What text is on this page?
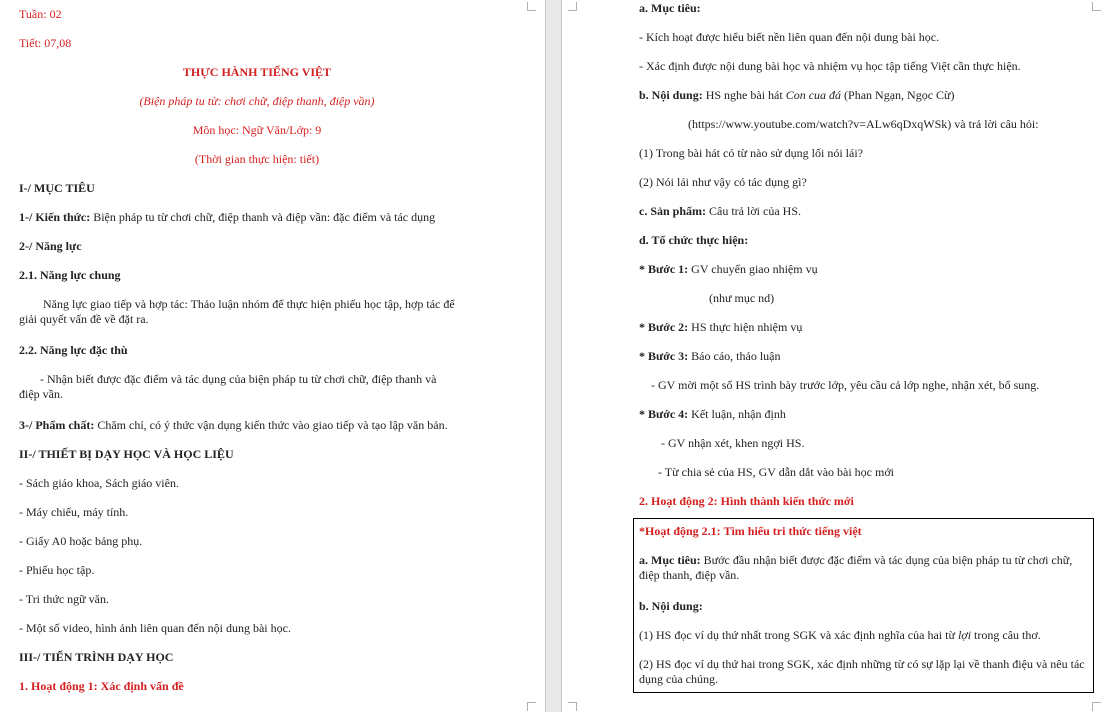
Tuần: 02
Tiết: 07,08
THỰC HÀNH TIẾNG VIỆT
(Biện pháp tu từ: chơi chữ, điệp thanh, điệp vần)
Môn học: Ngữ Văn/Lớp: 9
(Thời gian thực hiện: tiết)
I-/ MỤC TIÊU
1-/ Kiến thức: Biện pháp tu từ chơi chữ, điệp thanh và điệp vần: đặc điểm và tác dụng
2-/ Năng lực
2.1. Năng lực chung
Năng lực giao tiếp và hợp tác: Thảo luận nhóm để thực hiện phiếu học tập, hợp tác để giải quyết vấn đề về đặt ra.
2.2. Năng lực đặc thù
- Nhận biết được đặc điểm và tác dụng của biện pháp tu từ chơi chữ, điệp thanh và điệp vần.
3-/ Phẩm chất: Chăm chỉ, có ý thức vận dụng kiến thức vào giao tiếp và tạo lập văn bản.
II-/ THIẾT BỊ DẠY HỌC VÀ HỌC LIỆU
- Sách giáo khoa, Sách giáo viên.
- Máy chiếu, máy tính.
- Giấy A0 hoặc bảng phụ.
- Phiếu học tập.
- Tri thức ngữ văn.
- Một số video, hình ảnh liên quan đến nội dung bài học.
III-/ TIẾN TRÌNH DẠY HỌC
1. Hoạt động 1: Xác định vấn đề
a. Mục tiêu:
- Kích hoạt được hiểu biết nền liên quan đến nội dung bài học.
- Xác định được nội dung bài học và nhiệm vụ học tập tiếng Việt cần thực hiện.
b. Nội dung: HS nghe bài hát Con cua đá (Phan Ngạn, Ngọc Cừ)
(https://www.youtube.com/watch?v=ALw6qDxqWSk) và trả lời câu hỏi:
(1) Trong bài hát có từ nào sử dụng lối nói lái?
(2) Nói lái như vậy có tác dụng gì?
c. Sản phẩm: Câu trả lời của HS.
d. Tổ chức thực hiện:
* Bước 1: GV chuyển giao nhiệm vụ
(như mục nd)
* Bước 2: HS thực hiện nhiệm vụ
* Bước 3: Báo cáo, thảo luận
- GV mời một số HS trình bày trước lớp, yêu cầu cả lớp nghe, nhận xét, bổ sung.
* Bước 4: Kết luận, nhận định
- GV nhận xét, khen ngợi HS.
- Từ chia sẻ của HS, GV dẫn dắt vào bài học mới
2. Hoạt động 2: Hình thành kiến thức mới
*Hoạt động 2.1: Tìm hiểu tri thức tiếng việt
a. Mục tiêu: Bước đầu nhận biết được đặc điểm và tác dụng của biện pháp tu từ chơi chữ, điệp thanh, điệp vần.
b. Nội dung:
(1) HS đọc ví dụ thứ nhất trong SGK và xác định nghĩa của hai từ lợi trong câu thơ.
(2) HS đọc ví dụ thứ hai trong SGK, xác định những từ có sự lặp lại về thanh điệu và nêu tác dụng của chúng.
